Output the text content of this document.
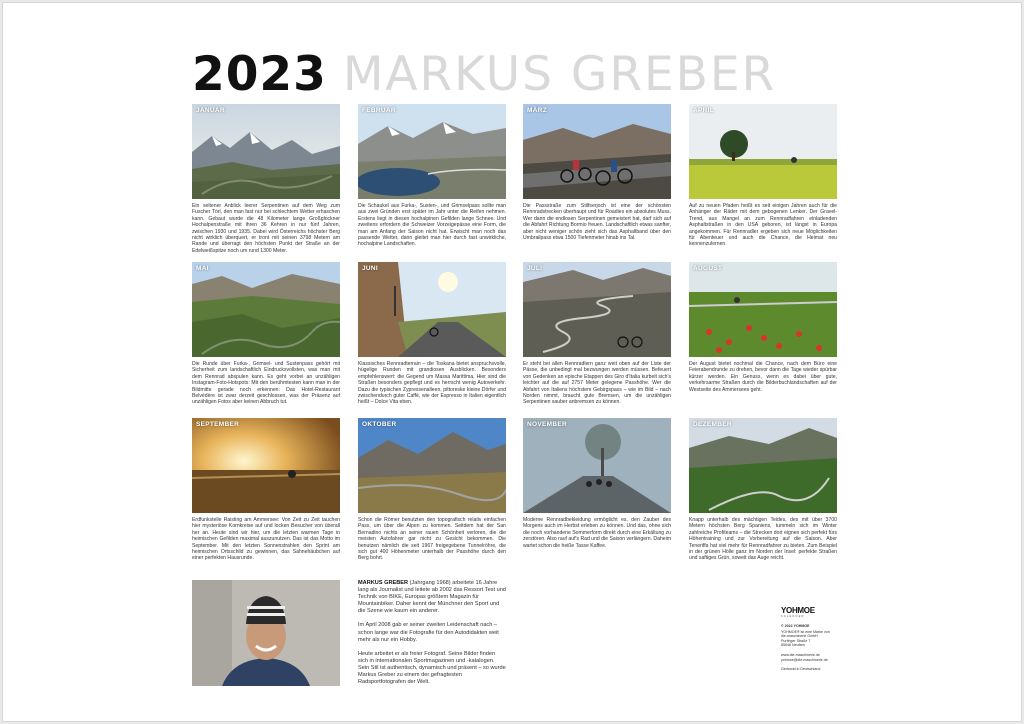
2023 MARKUS GREBER
JANUAR
Ein seltener Anblick leerer Serpentinen auf dem Weg zum Fuscher Törl, den man fast nur bei schlechtem Wetter erhaschen kann. Gebaut wurde die 48 Kilometer lange Großglockner Hochalpenstraße mit ihren 36 Kehren in nur fünf Jahren, zwischen 1930 und 1935. Dabei wird Österreichs höchster Berg nicht wirklich überquert, er tront mit seinen 3798 Metern am Rande und überragt den höchsten Punkt der Straße an der Edelweißspitze noch um rund 1300 Meter.
FEBRUAR
Die Schaukel aus Furka-, Susten-, und Grimselpass sollte man aus zwei Gründen erst später im Jahr unter die Reifen nehmen. Erstens liegt in diesen hochalpinen Gefilden lange Schnee. Und zweitens erfordern die Schweizer Vorzeigepässe eine Form, die man am Anfang der Saison nicht hat. Erwischt man noch das passende Wetter, dann gleitet man hier durch fast unwirkliche, hochalpine Landschaften.
MÄRZ
Die Passstraße zum Stilfserjoch ist eine der schönsten Rennradstrecken überhaupt und für Roadies ein absolutes Muss. Wer dann die endlosen Serpentinen gemeistert hat, darf sich auf die Abfahrt Richtung Bormio freuen. Landschaftlich etwas sanfter, aber nicht weniger schön zieht sich das Asphaltband über den Umbrailpass etwa 1500 Tiefenmeter hinab ins Tal.
APRIL
Auf zu neuen Pfaden heißt es seit einigen Jahren auch für die Anhänger der Räder mit dem gebogenen Lenker. Der Gravel-Trend, aus Mangel an zum Rennradfahren einladenden Asphaltstraßen in den USA geboren, ist längst in Europa angekommen. Für Rennradler ergeben sich neue Möglichkeiten für Abenteuer und auch die Chance, die Heimat neu kennenzulernen.
MAI
Die Runde über Furka-, Grimsel- und Sustenpass gehört mit Sicherheit zum landschaftlich Eindrucksvollsten, was man mit dem Rennrad abspulen kann. Es geht vorbei an unzähligen Instagram-Foto-Hotspots: Mit den berühmtesten kann man in der Bildmitte gerade noch erkennen: Das Hotel-Restaurant Belvédère ist zwar derzeit geschlossen, was der Präsenz auf unzähligen Fotos aber keinen Abbruch tut.
JUNI
Klassisches Rennradterrain – die Toskana bietet anspruchsvolle, hügelige Runden mit grandiosen Ausblicken. Besonders empfehlenswert: die Gegend um Massa Marittima. Hier sind die Straßen besonders gepflegt und es herrscht wenig Autoverkehr. Dazu die typischen Zypressenalleen, pittoreske kleine Dörfer und zwischendurch guter Caffè, wie der Espresso in Italien eigentlich heißt – Dolce Vita eben.
JULI
Er steht bei allen Rennradlern ganz weit oben auf der Liste der Pässe, die unbedingt mal bezwungen werden müssen. Befeuert von Gedenken an epische Etappen des Giro d'Italia kurbelt sich's leichter auf die auf 2757 Meter gelegene Passhöhe. Wer die Abfahrt von Italiens höchstem Gebirgspass – wie im Bild – nach Norden nimmt, braucht gute Bremsen, um die unzähligen Serpentinen sauber anbremsen zu können.
AUGUST
Der August bietet nochmal die Chance, nach dem Büro eine Feierabendrunde zu drehen, bevor dann die Tage wieder spürbar kürzer werden. Ein Genuss, wenn es dabei über gute, verkehrsarme Straßen durch die Bilderbuchlandschaften auf der Westseite des Ammersees geht.
SEPTEMBER
Erdfunkstelle Raisting am Ammersee: Von Zeit zu Zeit tauchen hier mysteriöse Kornkreise auf und locken Besucher von überall her an. Heute sind wir hier, um die letzten warmen Tage in heimischen Gefilden maximal auszunutzen. Das ist das Motto im September. Mit den letzten Sonnenstrahlen den Sprint am heimischen Ortsschild zu gewinnen, das Sahnehäubchen auf einer perfekten Hausrunde.
OKTOBER
Schon die Römer benutzten den topografisch relativ einfachen Pass, um über die Alpen zu kommen. Seitdem hat der San Bernadino nichts an seiner rauen Schönheit verloren, die die meisten Autofahrer gar nicht zu Gesicht bekommen. Die benutzen nämlich die seit 1967 freigegebene Tunnelröhre, die sich gut 400 Höhenmeter unterhalb der Passhöhe durch den Berg bohrt.
NOVEMBER
Moderne Rennradbekleidung ermöglicht es, den Zauber des Morgens auch im Herbst erleben zu können. Und das, ohne sich die noch vorhandene Sommerform direkt durch eine Erkältung zu zerstören. Also rauf auf's Rad und die Saison verlängern. Daheim wartet schon die heiße Tasse Kaffee.
DEZEMBER
Knapp unterhalb des mächtigen Teides, des mit über 3700 Metern höchsten Berg Spaniens, tummeln sich im Winter zahlreiche Profiteams – die Strecken dort eignen sich perfekt fürs Höhentraining und zur Vorbereitung auf die Saison. Aber Teneriffa hat viel mehr für Rennradfahrer zu bieten. Zum Beispiel in der grünen Hölle ganz im Norden der Insel: perfekte Straßen und saftiges Grün, soweit das Auge reicht.

MARKUS GREBER (Jahrgang 1968) arbeitete 16 Jahre lang als Journalist und leitete ab 2002 das Ressort Test und Technik von BIKE, Europas größtem Magazin für Mountainbiker. Daher kennt der Münchner den Sport und die Szene wie kaum ein anderer.

Im April 2008 gab er seiner zweiten Leidenschaft nach – schon lange war die Fotografie für den Autodidakten weit mehr als nur ein Hobby.

Heute arbeitet er als freier Fotograf. Seine Bilder finden sich in internationalen Sportmagazinen und -katalogen. Sein Stil ist authentisch, dynamisch und präsent – so wurde Markus Greber zu einem der gefragtesten Radsportfotografen der Welt.

YOHMOE
KALENDER
© 2022 YOHMOE
YOHMOE® ist eine Marke von
die-maschinerie GmbH
Purfinger Straße 7
85646 Neufarn
www.die-maschinerie.de
yohmoe@die-maschinerie.de
Gedruckt in Deutschland
